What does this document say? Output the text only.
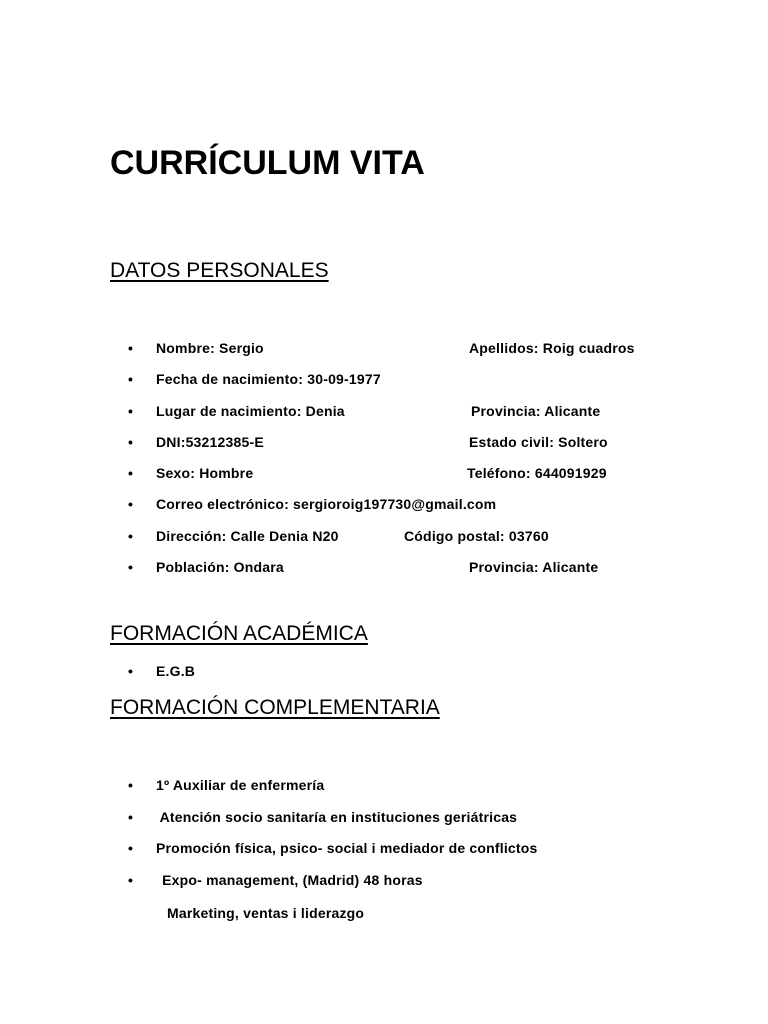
CURRÍCULUM VITA
DATOS PERSONALES
• Nombre: Sergio	Apellidos: Roig cuadros
• Fecha de nacimiento: 30-09-1977
• Lugar de nacimiento: Denia	Provincia: Alicante
• DNI:53212385-E	Estado civil: Soltero
• Sexo: Hombre	Teléfono: 644091929
• Correo electrónico: sergioroig197730@gmail.com
• Dirección: Calle Denia N20	Código postal: 03760
• Población: Ondara	Provincia: Alicante
FORMACIÓN ACADÉMICA
• E.G.B
FORMACIÓN COMPLEMENTARIA
• 1º Auxiliar de enfermería
• Atención socio sanitaría en instituciones geriátricas
• Promoción física, psico- social i mediador de conflictos
• Expo- management, (Madrid) 48 horas
Marketing, ventas i liderazgo
